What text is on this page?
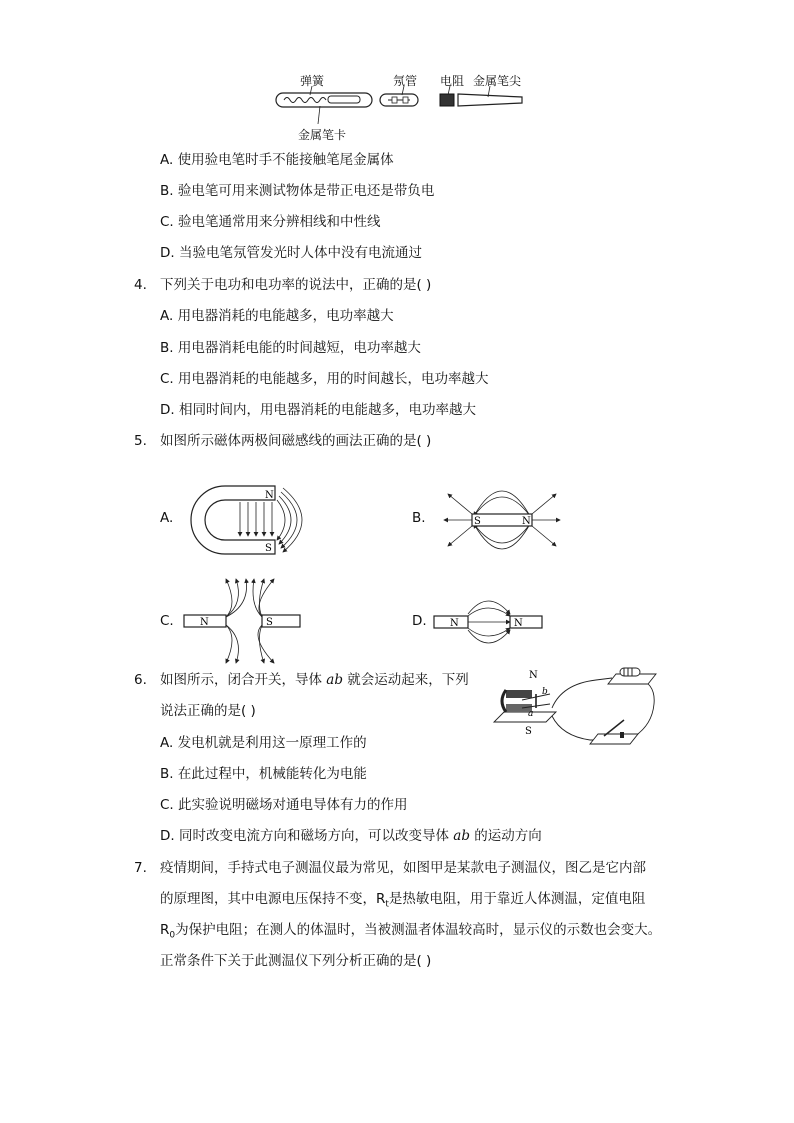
弹簧	氖管 电阻 金属笔尖
金属笔卡
A. 使用验电笔时手不能接触笔尾金属体
B. 验电笔可用来测试物体是带正电还是带负电
C. 验电笔通常用来分辨相线和中性线
D. 当验电笔氖管发光时人体中没有电流通过
4. 下列关于电功和电功率的说法中，正确的是( )
A. 用电器消耗的电能越多，电功率越大
B. 用电器消耗电能的时间越短，电功率越大
C. 用电器消耗的电能越多，用的时间越长，电功率越大
D. 相同时间内，用电器消耗的电能越多，电功率越大
5. 如图所示磁体两极间磁感线的画法正确的是( )
A.
N
S
B.	S	N
C.	N	S	D. N	N
6. 如图所示，闭合开关，导体 ab 就会运动起来，下列
说法正确的是( )
N
S
b
a
A. 发电机就是利用这一原理工作的
B. 在此过程中，机械能转化为电能
C. 此实验说明磁场对通电导体有力的作用
D. 同时改变电流方向和磁场方向，可以改变导体 ab 的运动方向
7. 疫情期间，手持式电子测温仪最为常见，如图甲是某款电子测温仪，图乙是它内部
的原理图，其中电源电压保持不变，$R_t$是热敏电阻，用于靠近人体测温，定值电阻
$R_0$为保护电阻；在测人的体温时，当被测温者体温较高时，显示仪的示数也会变大。
正常条件下关于此测温仪下列分析正确的是( )
